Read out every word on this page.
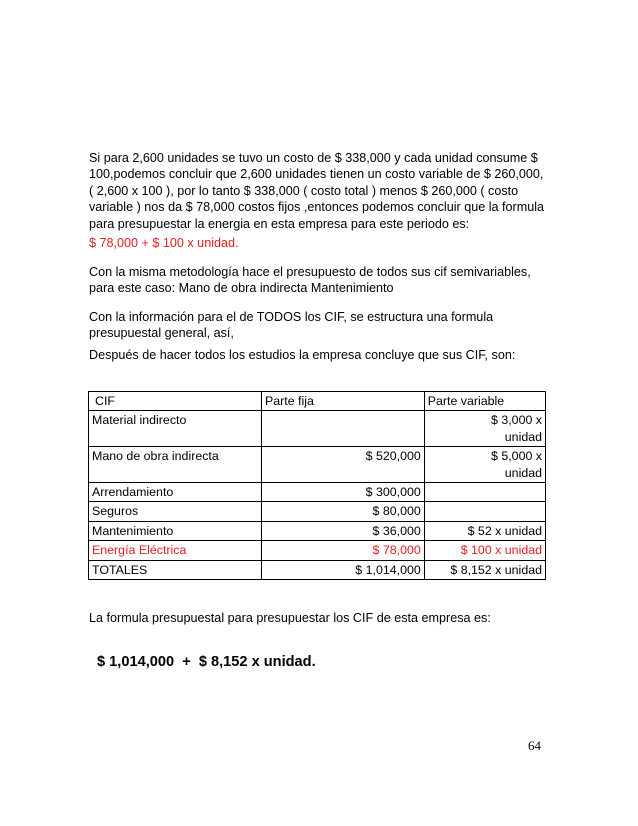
Si para 2,600 unidades se tuvo un costo de $ 338,000 y cada unidad consume $
100,podemos concluir que 2,600 unidades tienen un costo variable de $ 260,000,
( 2,600 x 100 ), por lo tanto $ 338,000 ( costo total ) menos $ 260,000 ( costo
variable ) nos da $ 78,000 costos fijos ,entonces podemos concluir que la formula
para presupuestar la energia en esta empresa para este periodo es:
$ 78,000 + $ 100 x unidad.
Con la misma metodología hace el presupuesto de todos sus cif semivariables,
para este caso: Mano de obra indirecta Mantenimiento
Con la información para el de TODOS los CIF, se estructura una formula
presupuestal general, así,
Después de hacer todos los estudios la empresa concluye que sus CIF, son:
CIF	Parte fija	Parte variable
Material indirecto		$ 3,000 x
unidad

Mano de obra indirecta	$ 520,000	$ 5,000 x
unidad

Arrendamiento	$ 300,000	
Seguros	$ 80,000	
Mantenimiento	$ 36,000	$ 52 x unidad
Energía Eléctrica	$ 78,000	$ 100 x unidad
TOTALES	$ 1,014,000	$ 8,152 x unidad
La formula presupuestal para presupuestar los CIF de esta empresa es:
$ 1,014,000  +  $ 8,152 x unidad.
64
